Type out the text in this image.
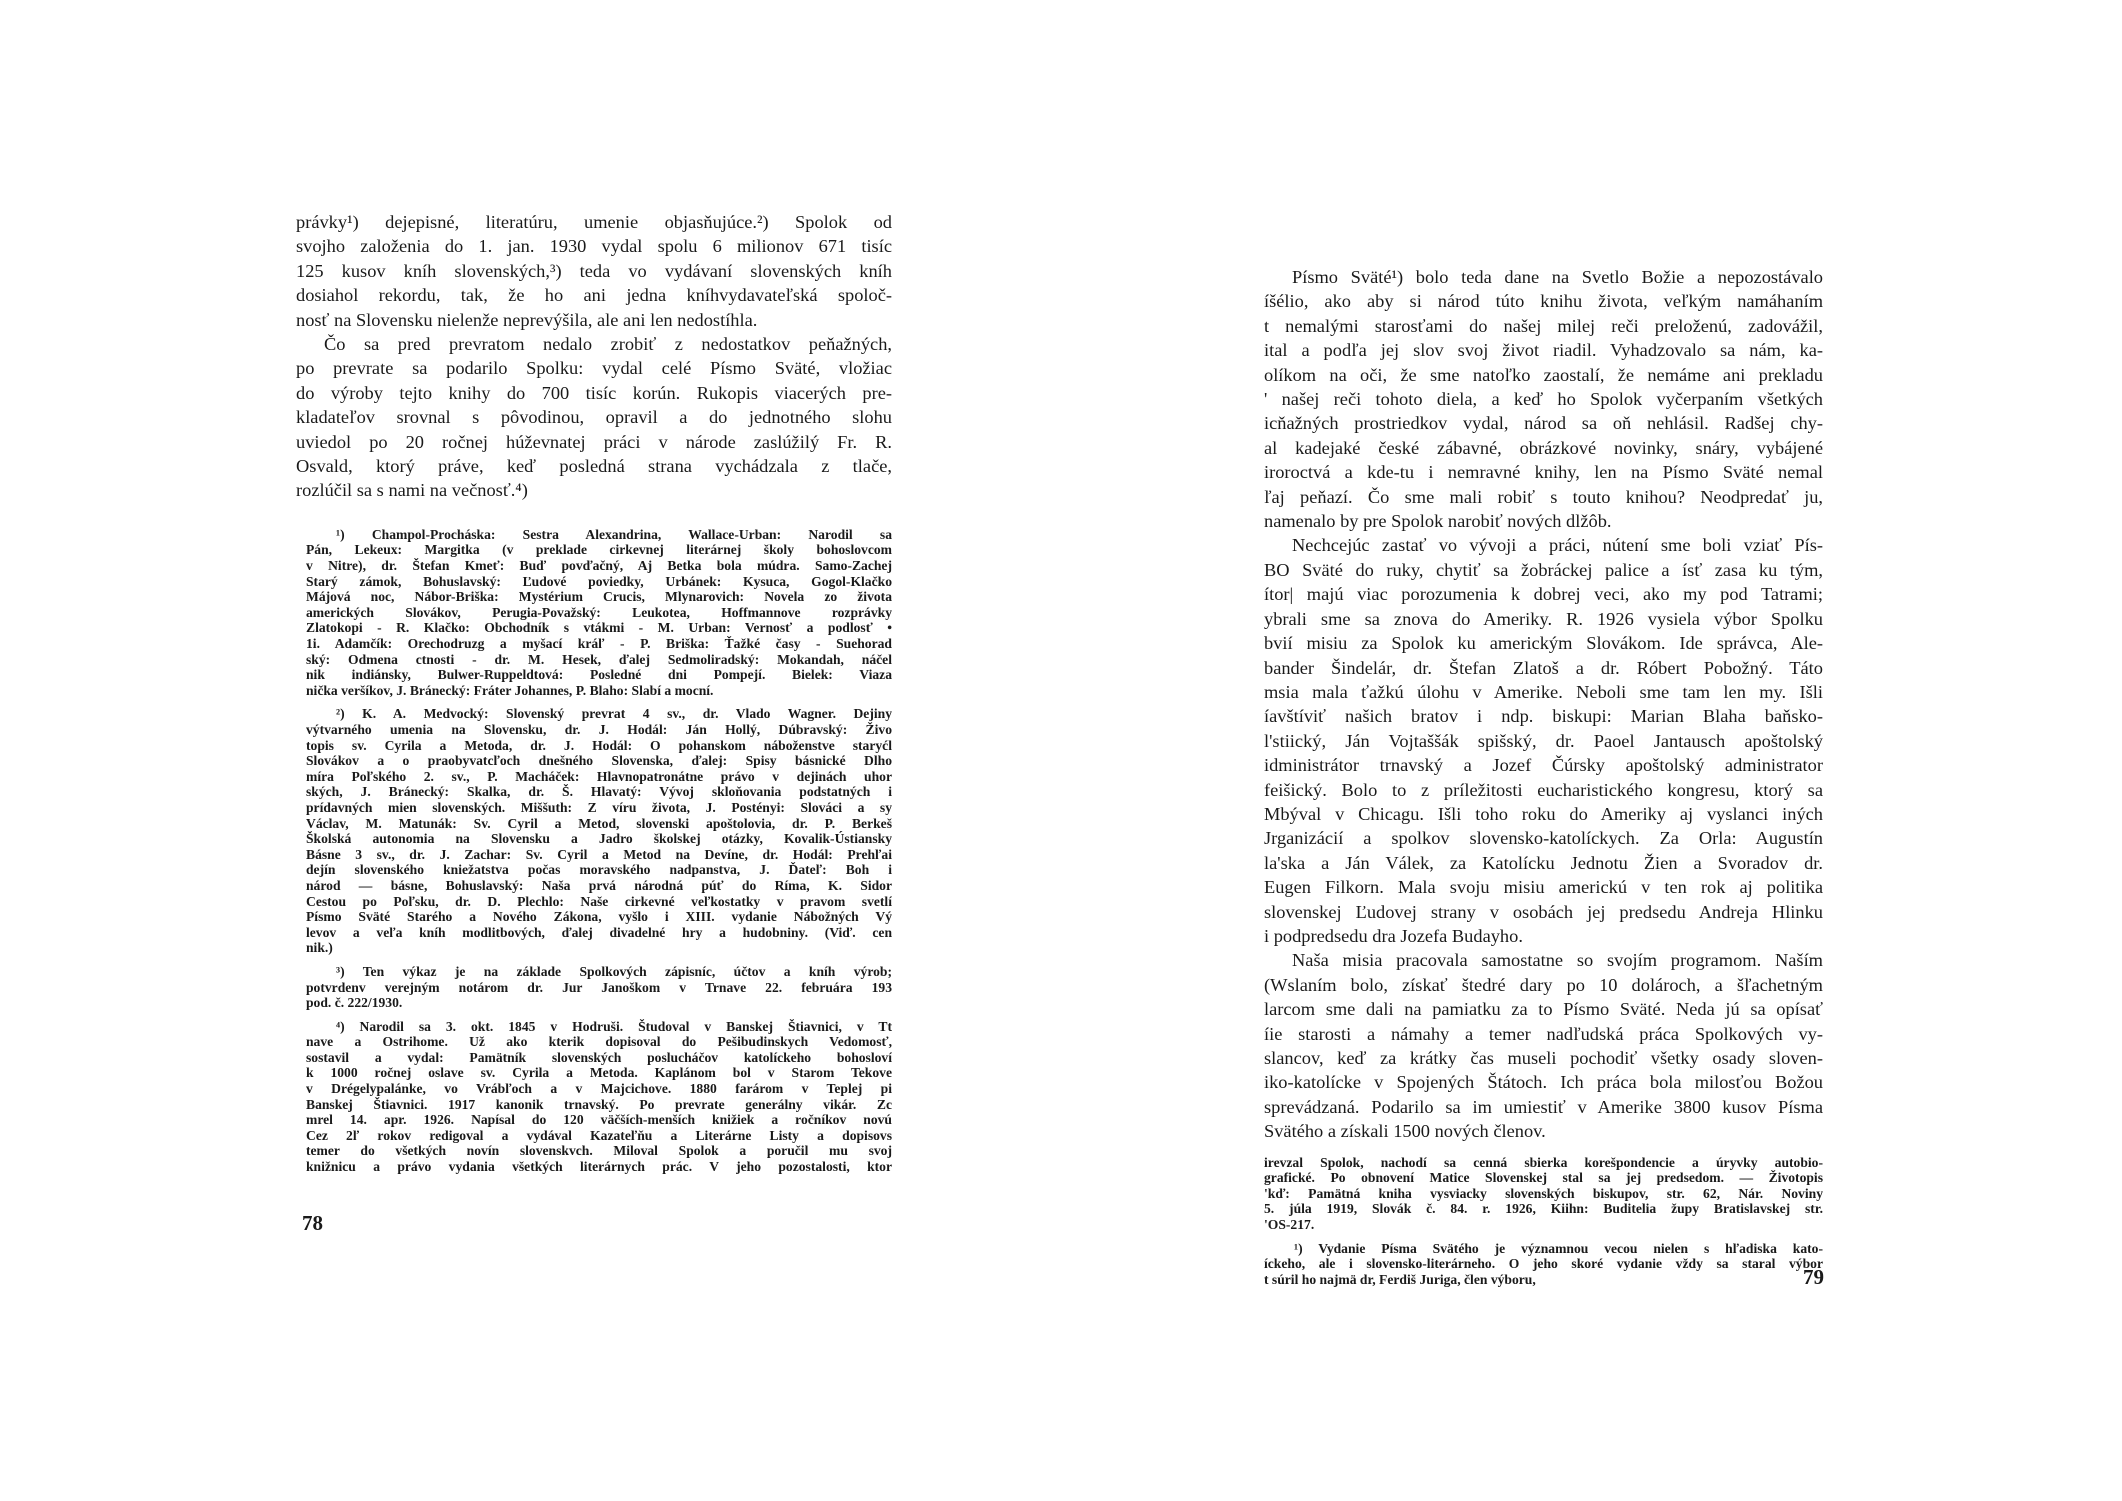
právky¹) dejepisné, literatúru, umenie objasňujúce.²) Spolok od
svojho založenia do 1. jan. 1930 vydal spolu 6 milionov 671 tisíc
125 kusov kníh slovenských,³) teda vo vydávaní slovenských kníh
dosiahol rekordu, tak, že ho ani jedna kníhvydavateľská spoloč-
nosť na Slovensku nielenže neprevýšila, ale ani len nedostíhla.

Čo sa pred prevratom nedalo zrobiť z nedostatkov peňažných,
po prevrate sa podarilo Spolku: vydal celé Písmo Sväté, vložiac
do výroby tejto knihy do 700 tisíc korún. Rukopis viacerých pre-
kladateľov srovnal s pôvodinou, opravil a do jednotného slohu
uviedol po 20 ročnej húževnatej práci v národe zaslúžilý Fr. R.
Osvald, ktorý práve, keď posledná strana vychádzala z tlače,
rozlúčil sa s nami na večnosť.⁴)

¹) Champol-Procháska: Sestra Alexandrina, Wallace-Urban: Narodil sa
Pán, Lekeux: Margitka (v preklade cirkevnej literárnej školy bohoslovcom
v Nitre), dr. Štefan Kmeť: Buď povďačný, Aj Betka bola múdra. Samo-Zachej
Starý zámok, Bohuslavský: Ľudové poviedky, Urbánek: Kysuca, Gogol-Klačko
Májová noc, Nábor-Briška: Mystérium Crucis, Mlynarovich: Novela zo života
amerických Slovákov, Perugia-Považský: Leukotea, Hoffmannove rozprávky
Zlatokopi - R. Klačko: Obchodník s vtákmi - M. Urban: Vernosť a podlosť •
1i. Adamčík: Orechodruzg a myšací kráľ - P. Briška: Ťažké časy - Suehorad
ský: Odmena ctnosti - dr. M. Hesek, ďalej Sedmoliradský: Mokandah, náčel
nik indiánsky, Bulwer-Ruppeldtová: Posledné dni Pompejí. Bielek: Viaza
nička veršíkov, J. Bránecký: Fráter Johannes, P. Blaho: Slabí a mocní.
²) K. A. Medvocký: Slovenský prevrat 4 sv., dr. Vlado Wagner. Dejiny
výtvarného umenia na Slovensku, dr. J. Hodál: Ján Hollý, Dúbravský: Živo
topis sv. Cyrila a Metoda, dr. J. Hodál: O pohanskom náboženstve staryćl
Slovákov a o praobyvatcľoch dnešného Slovenska, ďalej: Spisy básnické Dlho
míra Poľského 2. sv., P. Macháček: Hlavnopatronátne právo v dejinách uhor
ských, J. Bránecký: Skalka, dr. Š. Hlavatý: Vývoj skloňovania podstatných i
prídavných mien slovenských. Miššuth: Z víru života, J. Postényi: Slováci a sy
Václav, M. Matunák: Sv. Cyril a Metod, slovenski apoštolovia, dr. P. Berkeš
Školská autonomia na Slovensku a Jadro školskej otázky, Kovalik-Ústiansky
Básne 3 sv., dr. J. Zachar: Sv. Cyril a Metod na Devíne, dr. Hodál: Prehľai
dejín slovenského kniežatstva počas moravského nadpanstva, J. Ďateľ: Boh i
národ — básne, Bohuslavský: Naša prvá národná púť do Ríma, K. Sidor
Cestou po Poľsku, dr. D. Plechlo: Naše cirkevné veľkostatky v pravom svetlí
Písmo Sväté Starého a Nového Zákona, vyšlo i XIII. vydanie Nábožných Vý
levov a veľa kníh modlitbových, ďalej divadelné hry a hudobniny. (Viď. cen
nik.)
³) Ten výkaz je na základe Spolkových zápisníc, účtov a kníh výrob;
potvrdenv verejným notárom dr. Jur Janoškom v Trnave 22. februára 193
pod. č. 222/1930.
⁴) Narodil sa 3. okt. 1845 v Hodruši. Študoval v Banskej Štiavnici, v Tt
nave a Ostrihome. Už ako kterik dopisoval do Pešibudinskych Vedomosť,
sostavil a vydal: Pamätník slovenských poslucháčov katolíckeho bohosloví
k 1000 ročnej oslave sv. Cyrila a Metoda. Kaplánom bol v Starom Tekove
v Drégelypalánke, vo Vrábľoch a v Majcichove. 1880 farárom v Teplej pi
Banskej Štiavnici. 1917 kanonik trnavský. Po prevrate generálny vikár. Zc
mrel 14. apr. 1926. Napísal do 120 väčších-menších knižiek a ročníkov novú
Cez 2ľ rokov redigoval a vydával Kazateľňu a Literárne Listy a dopisovs
temer do všetkých novín slovenskvch. Miloval Spolok a poručil mu svoj
knižnicu a právo vydania všetkých literárnych prác. V jeho pozostalosti, ktor
78

Písmo Sväté¹) bolo teda dane na Svetlo Božie a nepozostávalo
íšélio, ako aby si národ túto knihu života, veľkým namáhaním
t nemalými starosťami do našej milej reči preloženú, zadovážil,
ital a podľa jej slov svoj život riadil. Vyhadzovalo sa nám, ka-
olíkom na oči, že sme natoľko zaostalí, že nemáme ani prekladu
' našej reči tohoto diela, a keď ho Spolok vyčerpaním všetkých
icňažných prostriedkov vydal, národ sa oň nehlásil. Radšej chy-
al kadejaké české zábavné, obrázkové novinky, snáry, vybájené
iroroctvá a kde-tu i nemravné knihy, len na Písmo Sväté nemal
ľaj peňazí. Čo sme mali robiť s touto knihou? Neodpredať ju,
namenalo by pre Spolok narobiť nových dlžôb.

Nechcejúc zastať vo vývoji a práci, nútení sme boli vziať Pís-
BO Sväté do ruky, chytiť sa žobráckej palice a ísť zasa ku tým,
ítor| majú viac porozumenia k dobrej veci, ako my pod Tatrami;
ybrali sme sa znova do Ameriky. R. 1926 vysiela výbor Spolku
bvií misiu za Spolok ku americkým Slovákom. Ide správca, Ale-
bander Šindelár, dr. Štefan Zlatoš a dr. Róbert Pobožný. Táto
msia mala ťažkú úlohu v Amerike. Neboli sme tam len my. Išli
íavštíviť našich bratov i ndp. biskupi: Marian Blaha baňsko-
l'stiický, Ján Vojtaššák spišský, dr. Paoel Jantausch apoštolský
idministrátor trnavský a Jozef Čúrsky apoštolský administrator
feišický. Bolo to z príležitosti eucharistického kongresu, ktorý sa
Mbýval v Chicagu. Išli toho roku do Ameriky aj vyslanci iných
Jrganizácií a spolkov slovensko-katolíckych. Za Orla: Augustín
la'ska a Ján Válek, za Katolícku Jednotu Žien a Svoradov dr.
Eugen Filkorn. Mala svoju misiu americkú v ten rok aj politika
slovenskej Ľudovej strany v osobách jej predsedu Andreja Hlinku
i podpredsedu dra Jozefa Budayho.

Naša misia pracovala samostatne so svojím programom. Naším
(Wslaním bolo, získať štedré dary po 10 dolároch, a šľachetným
larcom sme dali na pamiatku za to Písmo Sväté. Neda jú sa opísať
íie starosti a námahy a temer nadľudská práca Spolkových vy-
slancov, keď za krátky čas museli pochodiť všetky osady sloven-
iko-katolícke v Spojených Štátoch. Ich práca bola milosťou Božou
sprevádzaná. Podarilo sa im umiestiť v Amerike 3800 kusov Písma
Svätého a získali 1500 nových členov.

irevzal Spolok, nachodí sa cenná sbierka korešpondencie a úryvky autobio-
grafické. Po obnovení Matice Slovenskej stal sa jej predsedom. — Životopis
'kď: Pamätná kniha vysviacky slovenských biskupov, str. 62, Nár. Noviny
5. júla 1919, Slovák č. 84. r. 1926, Kiihn: Buditelia župy Bratislavskej str.
'OS-217.
¹) Vydanie Písma Svätého je významnou vecou nielen s hľadiska kato-
íckeho, ale i slovensko-literárneho. O jeho skoré vydanie vždy sa staral výbor
t súril ho najmä dr, Ferdiš Juriga, člen výboru,	79
